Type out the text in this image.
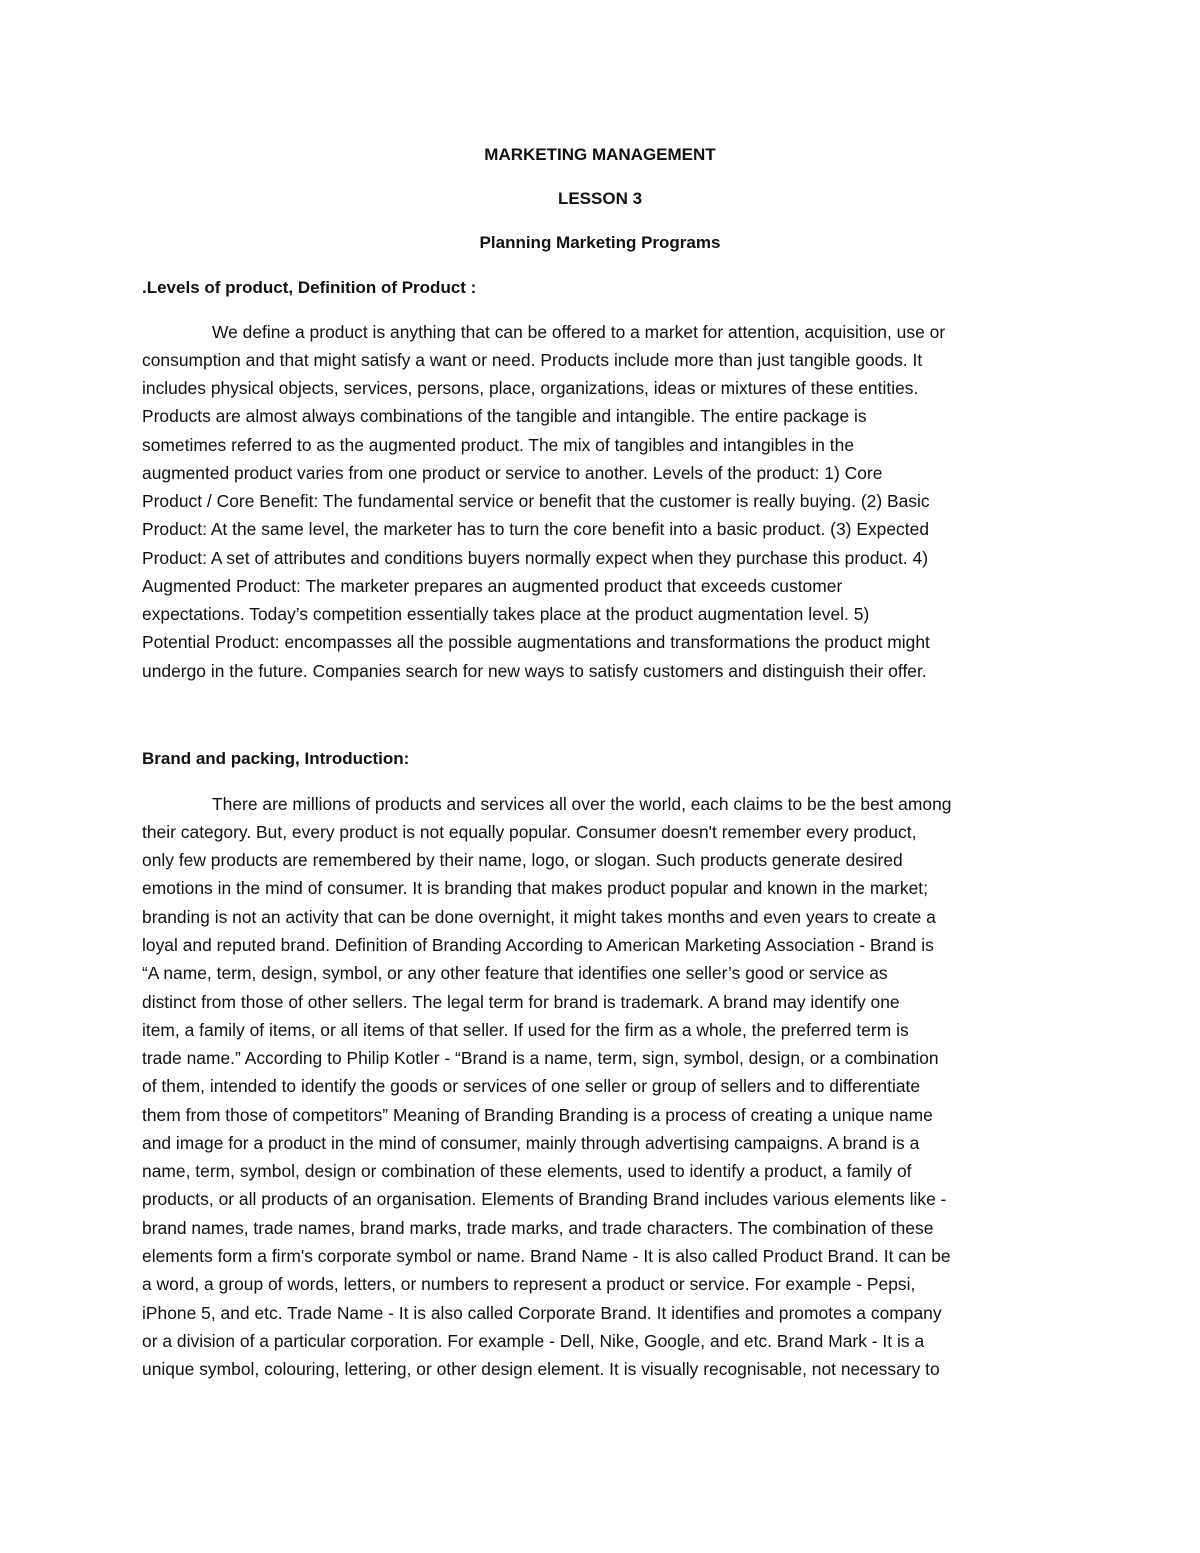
MARKETING MANAGEMENT
LESSON 3
Planning Marketing Programs
.Levels of product, Definition of Product :
We define a product is anything that can be offered to a market for attention, acquisition, use or
consumption and that might satisfy a want or need. Products include more than just tangible goods. It
includes physical objects, services, persons, place, organizations, ideas or mixtures of these entities.
Products are almost always combinations of the tangible and intangible. The entire package is
sometimes referred to as the augmented product. The mix of tangibles and intangibles in the
augmented product varies from one product or service to another. Levels of the product: 1) Core
Product / Core Benefit: The fundamental service or benefit that the customer is really buying. (2) Basic
Product: At the same level, the marketer has to turn the core benefit into a basic product. (3) Expected
Product: A set of attributes and conditions buyers normally expect when they purchase this product. 4)
Augmented Product: The marketer prepares an augmented product that exceeds customer
expectations. Today’s competition essentially takes place at the product augmentation level. 5)
Potential Product: encompasses all the possible augmentations and transformations the product might
undergo in the future. Companies search for new ways to satisfy customers and distinguish their offer.
Brand and packing, Introduction:
There are millions of products and services all over the world, each claims to be the best among
their category. But, every product is not equally popular. Consumer doesn't remember every product,
only few products are remembered by their name, logo, or slogan. Such products generate desired
emotions in the mind of consumer. It is branding that makes product popular and known in the market;
branding is not an activity that can be done overnight, it might takes months and even years to create a
loyal and reputed brand. Definition of Branding According to American Marketing Association - Brand is
“A name, term, design, symbol, or any other feature that identifies one seller’s good or service as
distinct from those of other sellers. The legal term for brand is trademark. A brand may identify one
item, a family of items, or all items of that seller. If used for the firm as a whole, the preferred term is
trade name.” According to Philip Kotler - “Brand is a name, term, sign, symbol, design, or a combination
of them, intended to identify the goods or services of one seller or group of sellers and to differentiate
them from those of competitors” Meaning of Branding Branding is a process of creating a unique name
and image for a product in the mind of consumer, mainly through advertising campaigns. A brand is a
name, term, symbol, design or combination of these elements, used to identify a product, a family of
products, or all products of an organisation. Elements of Branding Brand includes various elements like -
brand names, trade names, brand marks, trade marks, and trade characters. The combination of these
elements form a firm's corporate symbol or name. Brand Name - It is also called Product Brand. It can be
a word, a group of words, letters, or numbers to represent a product or service. For example - Pepsi,
iPhone 5, and etc. Trade Name - It is also called Corporate Brand. It identifies and promotes a company
or a division of a particular corporation. For example - Dell, Nike, Google, and etc. Brand Mark - It is a
unique symbol, colouring, lettering, or other design element. It is visually recognisable, not necessary to
